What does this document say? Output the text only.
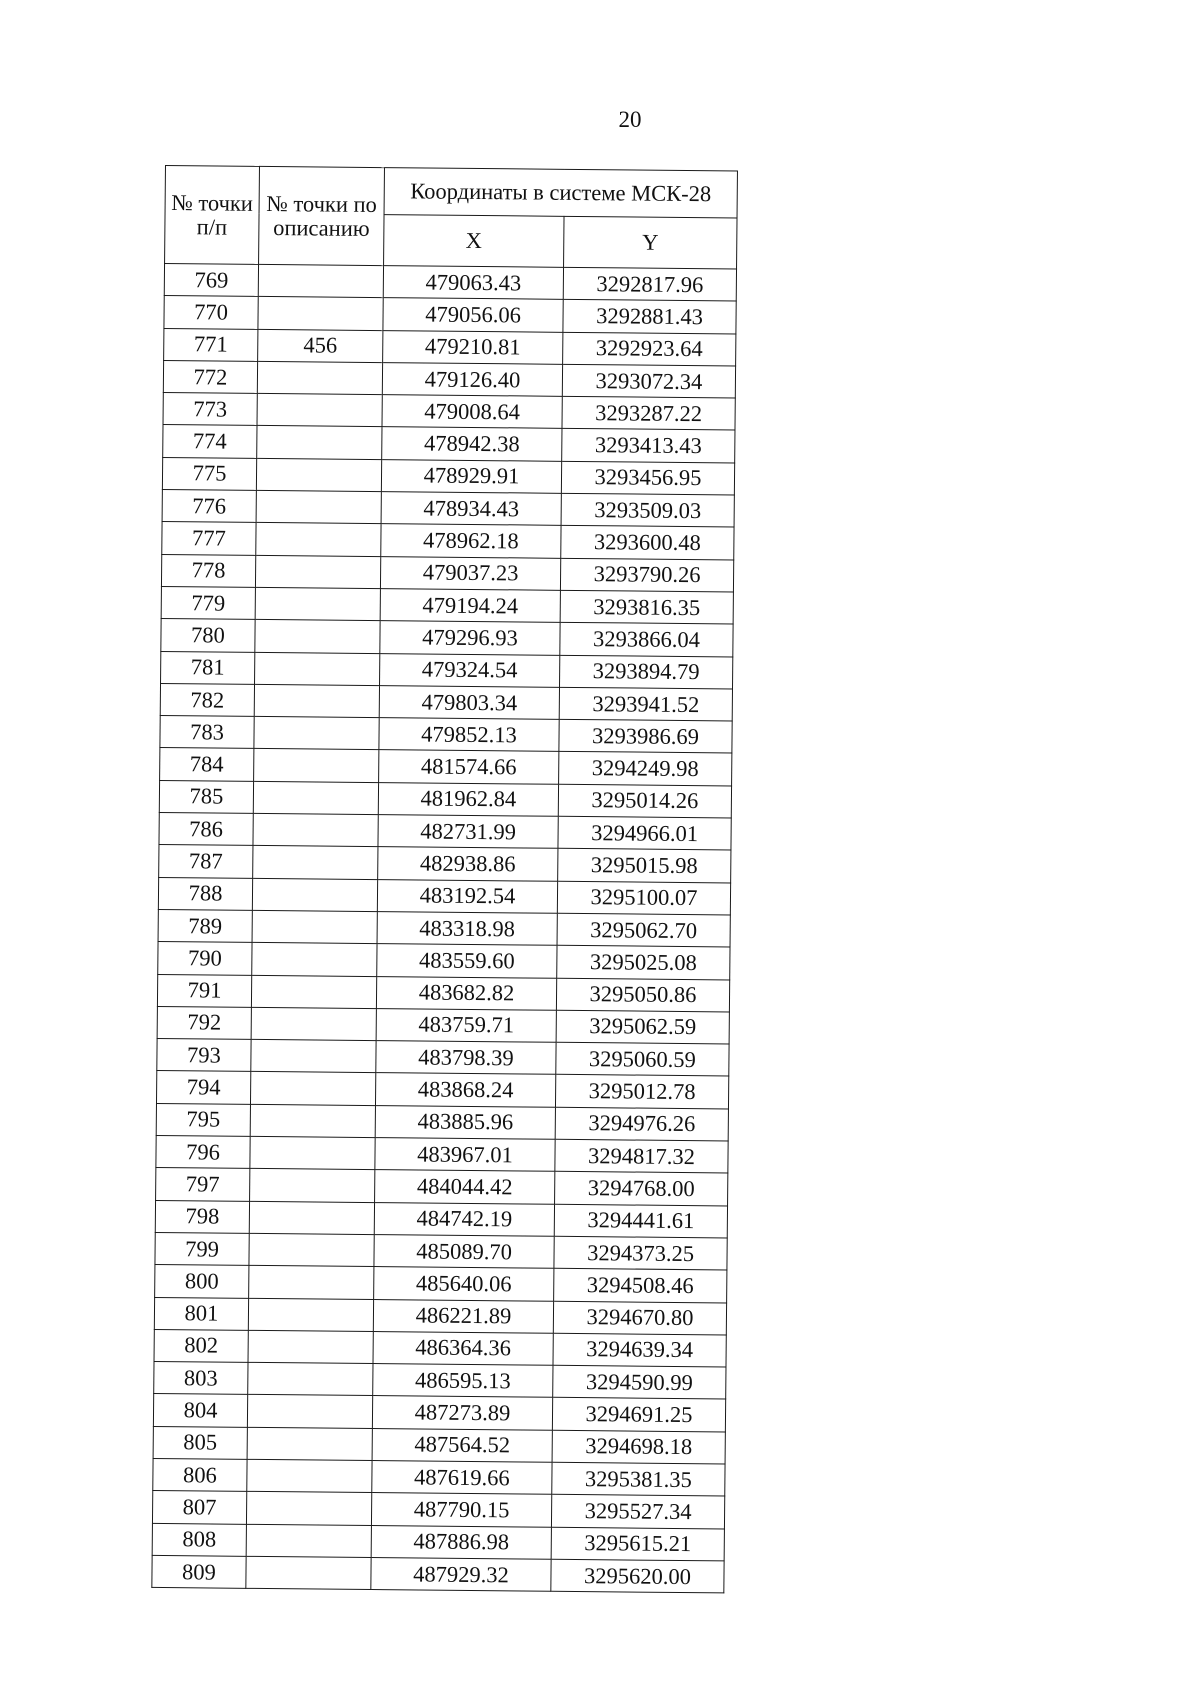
20
№ точки п/п	№ точки по описанию	Координаты в системе МСК-28	
		X	Y
769		479063.43	3292817.96
770		479056.06	3292881.43
771	456	479210.81	3292923.64
772		479126.40	3293072.34
773		479008.64	3293287.22
774		478942.38	3293413.43
775		478929.91	3293456.95
776		478934.43	3293509.03
777		478962.18	3293600.48
778		479037.23	3293790.26
779		479194.24	3293816.35
780		479296.93	3293866.04
781		479324.54	3293894.79
782		479803.34	3293941.52
783		479852.13	3293986.69
784		481574.66	3294249.98
785		481962.84	3295014.26
786		482731.99	3294966.01
787		482938.86	3295015.98
788		483192.54	3295100.07
789		483318.98	3295062.70
790		483559.60	3295025.08
791		483682.82	3295050.86
792		483759.71	3295062.59
793		483798.39	3295060.59
794		483868.24	3295012.78
795		483885.96	3294976.26
796		483967.01	3294817.32
797		484044.42	3294768.00
798		484742.19	3294441.61
799		485089.70	3294373.25
800		485640.06	3294508.46
801		486221.89	3294670.80
802		486364.36	3294639.34
803		486595.13	3294590.99
804		487273.89	3294691.25
805		487564.52	3294698.18
806		487619.66	3295381.35
807		487790.15	3295527.34
808		487886.98	3295615.21
809		487929.32	3295620.00
